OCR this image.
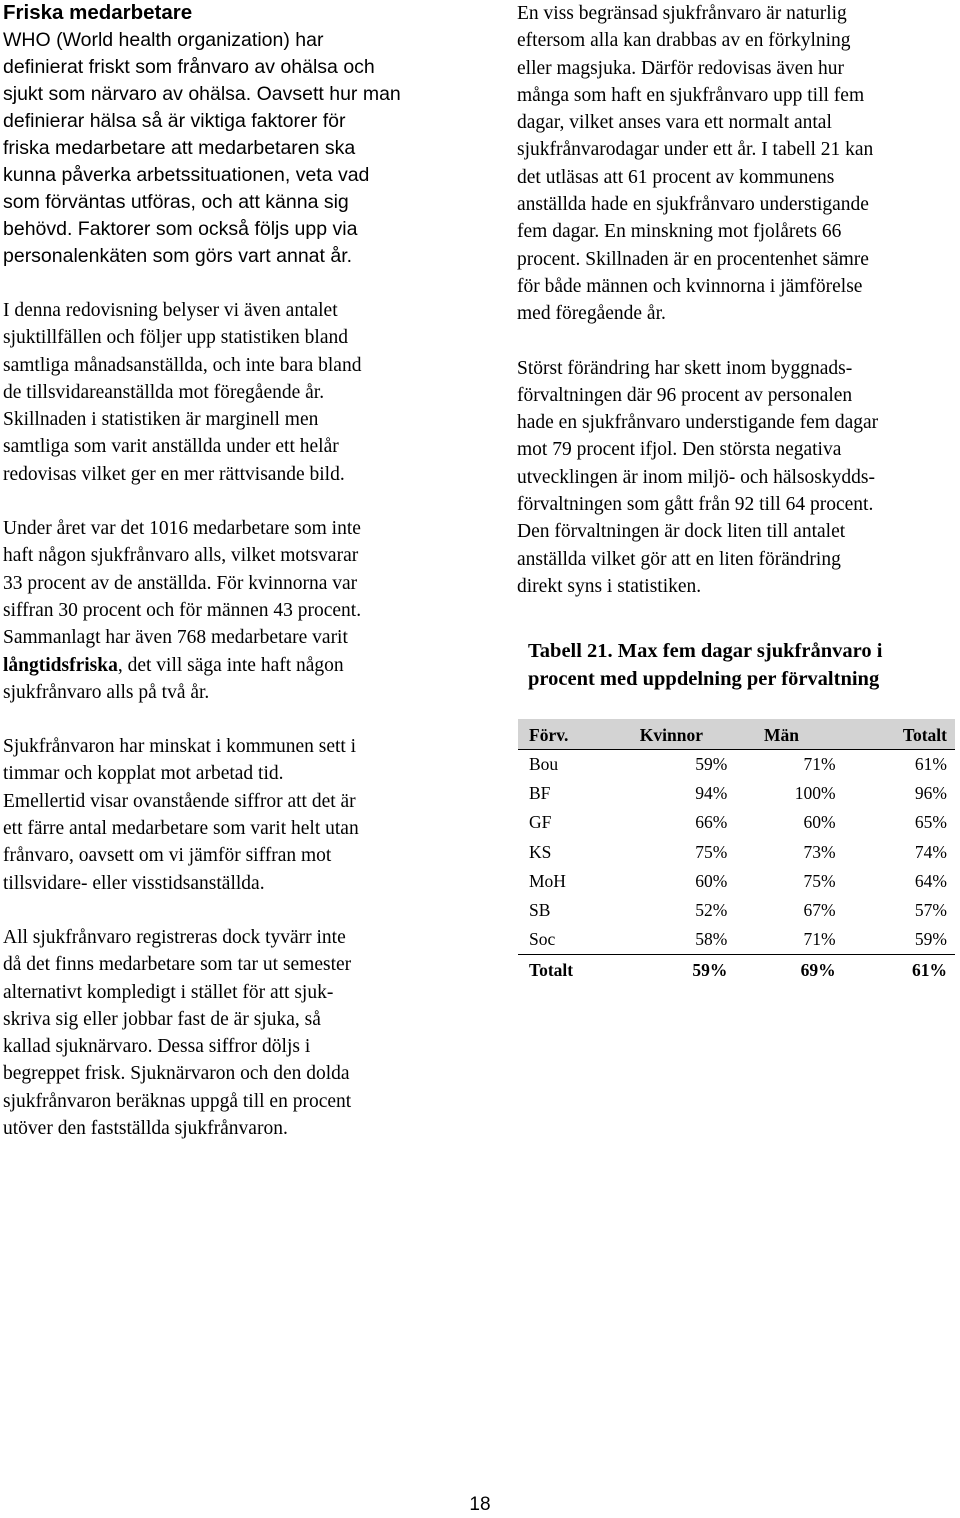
Friska medarbetare

WHO (World health organization) har
definierat friskt som frånvaro av ohälsa och
sjukt som närvaro av ohälsa. Oavsett hur man
definierar hälsa så är viktiga faktorer för
friska medarbetare att medarbetaren ska
kunna påverka arbetssituationen, veta vad
som förväntas utföras, och att känna sig
behövd. Faktorer som också följs upp via
personalenkäten som görs vart annat år.

I denna redovisning belyser vi även antalet
sjuktillfällen och följer upp statistiken bland
samtliga månadsanställda, och inte bara bland
de tillsvidareanställda mot föregående år.
Skillnaden i statistiken är marginell men
samtliga som varit anställda under ett helår
redovisas vilket ger en mer rättvisande bild.

Under året var det 1016 medarbetare som inte
haft någon sjukfrånvaro alls, vilket motsvarar
33 procent av de anställda. För kvinnorna var
siffran 30 procent och för männen 43 procent.
Sammanlagt har även 768 medarbetare varit
långtidsfriska, det vill säga inte haft någon
sjukfrånvaro alls på två år.

Sjukfrånvaron har minskat i kommunen sett i
timmar och kopplat mot arbetad tid.
Emellertid visar ovanstående siffror att det är
ett färre antal medarbetare som varit helt utan
frånvaro, oavsett om vi jämför siffran mot
tillsvidare- eller visstidsanställda.

All sjukfrånvaro registreras dock tyvärr inte
då det finns medarbetare som tar ut semester
alternativt kompledigt i stället för att sjuk-
skriva sig eller jobbar fast de är sjuka, så
kallad sjuknärvaro. Dessa siffror döljs i
begreppet frisk. Sjuknärvaron och den dolda
sjukfrånvaron beräknas uppgå till en procent
utöver den fastställda sjukfrånvaron.

En viss begränsad sjukfrånvaro är naturlig
eftersom alla kan drabbas av en förkylning
eller magsjuka. Därför redovisas även hur
många som haft en sjukfrånvaro upp till fem
dagar, vilket anses vara ett normalt antal
sjukfrånvarodagar under ett år. I tabell 21 kan
det utläsas att 61 procent av kommunens
anställda hade en sjukfrånvaro understigande
fem dagar. En minskning mot fjolårets 66
procent. Skillnaden är en procentenhet sämre
för både männen och kvinnorna i jämförelse
med föregående år.

Störst förändring har skett inom byggnads-
förvaltningen där 96 procent av personalen
hade en sjukfrånvaro understigande fem dagar
mot 79 procent ifjol. Den största negativa
utvecklingen är inom miljö- och hälsoskydds-
förvaltningen som gått från 92 till 64 procent.
Den förvaltningen är dock liten till antalet
anställda vilket gör att en liten förändring
direkt syns i statistiken.

Tabell 21. Max fem dagar sjukfrånvaro i
procent med uppdelning per förvaltning

Förv.	Kvinnor	Män	Totalt
Bou	59%	71%	61%
BF	94%	100%	96%
GF	66%	60%	65%
KS	75%	73%	74%
MoH	60%	75%	64%
SB	52%	67%	57%
Soc	58%	71%	59%
Totalt	59%	69%	61%
18
